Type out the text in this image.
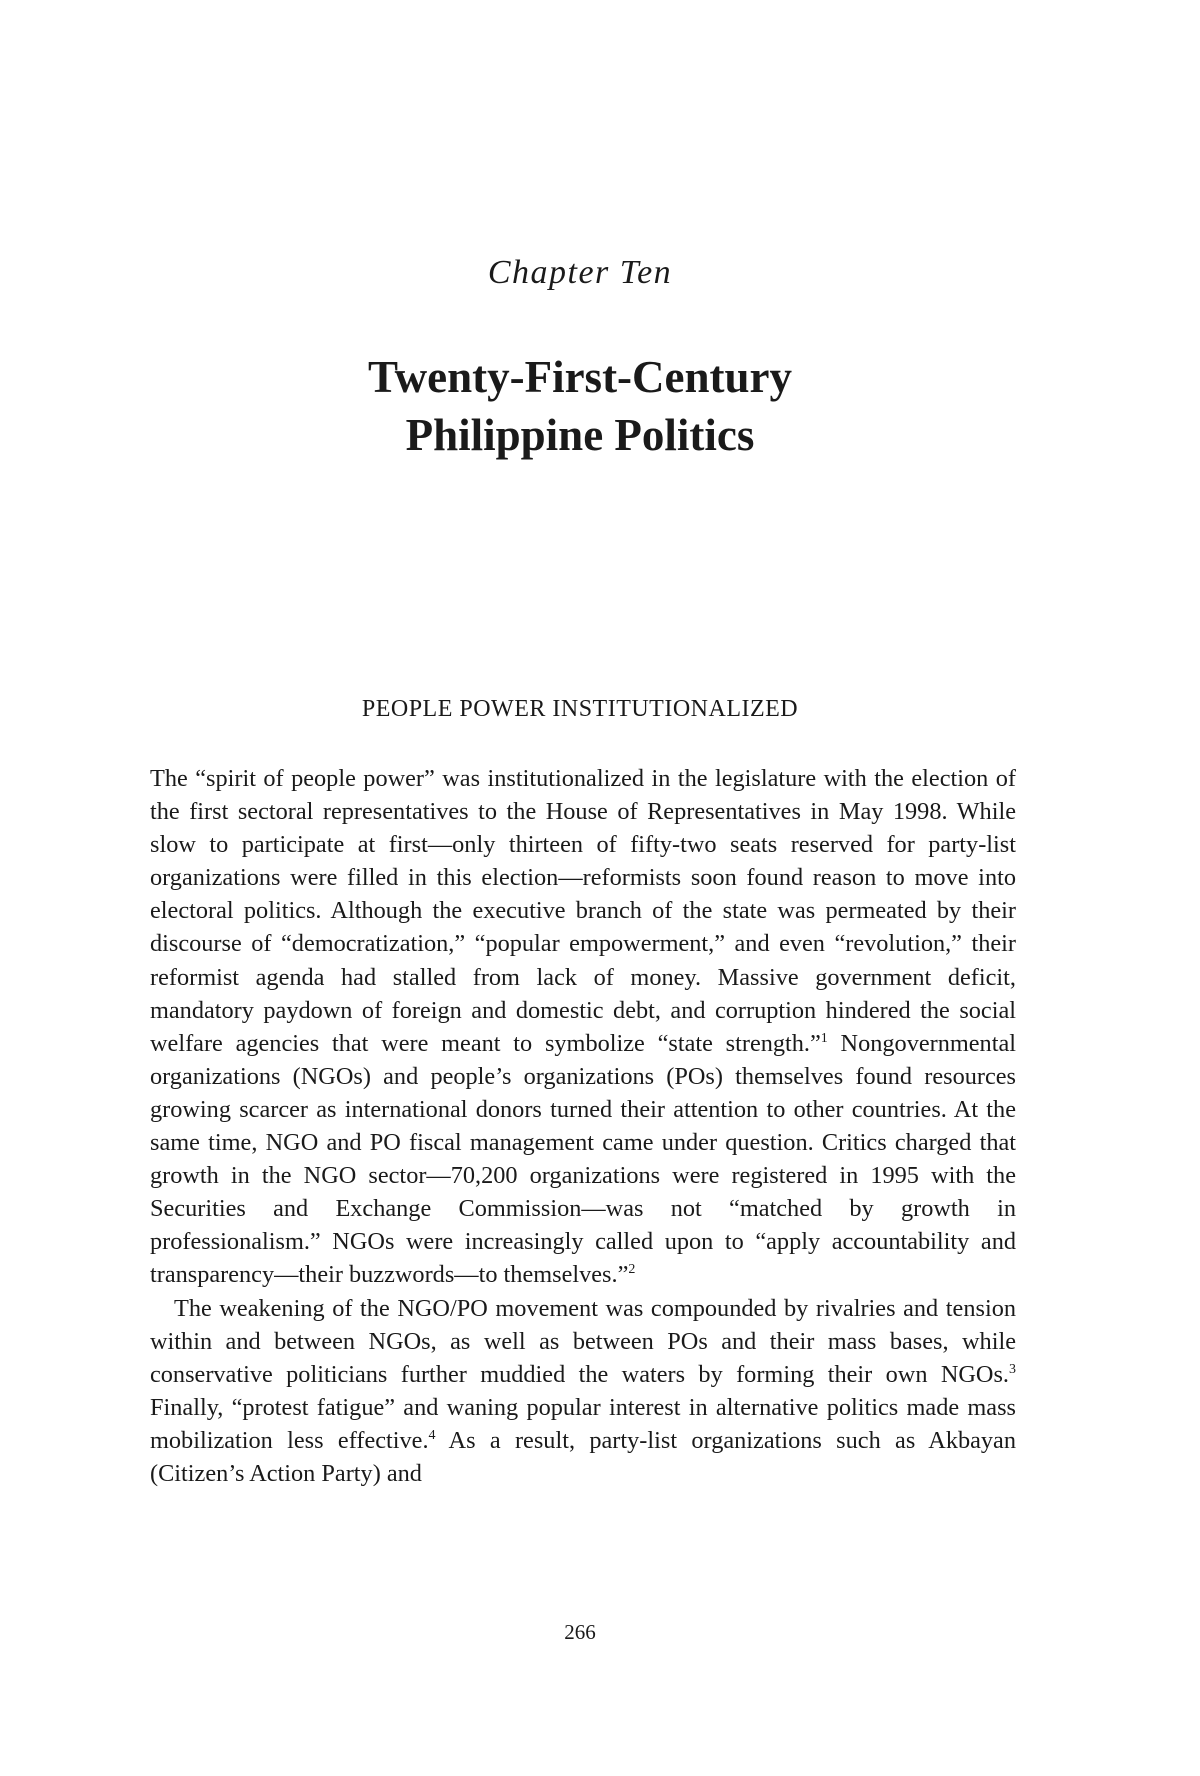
Chapter Ten
Twenty-First-Century
Philippine Politics
PEOPLE POWER INSTITUTIONALIZED

The “spirit of people power” was institutionalized in the legislature with the election of the first sectoral representatives to the House of Representatives in May 1998. While slow to participate at first—only thirteen of fifty-two seats reserved for party-list organizations were filled in this election—reformists soon found reason to move into electoral politics. Although the executive branch of the state was permeated by their discourse of “democratization,” “popular empowerment,” and even “revolution,” their reformist agenda had stalled from lack of money. Massive government deficit, mandatory paydown of foreign and domestic debt, and corruption hindered the social welfare agencies that were meant to symbolize “state strength.”$^1$ Nongovernmental organizations (NGOs) and people’s organizations (POs) themselves found resources growing scarcer as international donors turned their attention to other countries. At the same time, NGO and PO fiscal management came under question. Critics charged that growth in the NGO sector—70,200 organizations were registered in 1995 with the Securities and Exchange Commission—was not “matched by growth in professionalism.” NGOs were increasingly called upon to “apply accountability and transparency—their buzzwords—to themselves.”$^2$

The weakening of the NGO/PO movement was compounded by rivalries and tension within and between NGOs, as well as between POs and their mass bases, while conservative politicians further muddied the waters by forming their own NGOs.$^3$ Finally, “protest fatigue” and waning popular interest in alternative politics made mass mobilization less effective.$^4$ As a result, party-list organizations such as Akbayan (Citizen’s Action Party) and

266
